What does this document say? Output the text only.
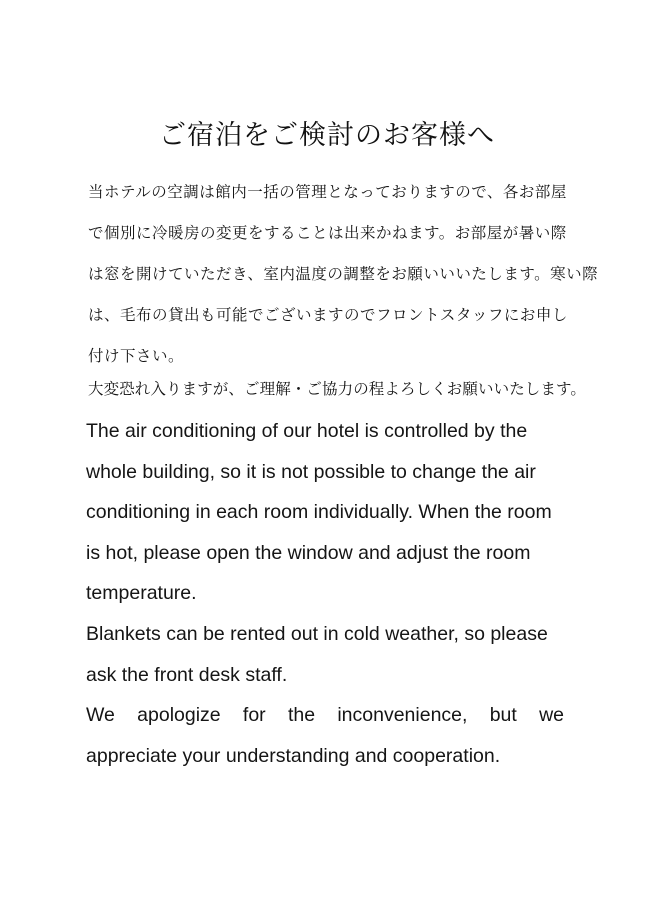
ご宿泊をご検討のお客様へ
当ホテルの空調は館内一括の管理となっておりますので、各お部屋
で個別に冷暖房の変更をすることは出来かねます。お部屋が暑い際
は窓を開けていただき、室内温度の調整をお願いいいたします。寒い際
は、毛布の貸出も可能でございますのでフロントスタッフにお申し
付け下さい。
大変恐れ入りますが、ご理解・ご協力の程よろしくお願いいたします。
The air conditioning of our hotel is controlled by the
whole building, so it is not possible to change the air
conditioning in each room individually. When the room
is hot, please open the window and adjust the room
temperature.
Blankets can be rented out in cold weather, so please
ask the front desk staff.
We apologize for the inconvenience, but we
appreciate your understanding and cooperation.
